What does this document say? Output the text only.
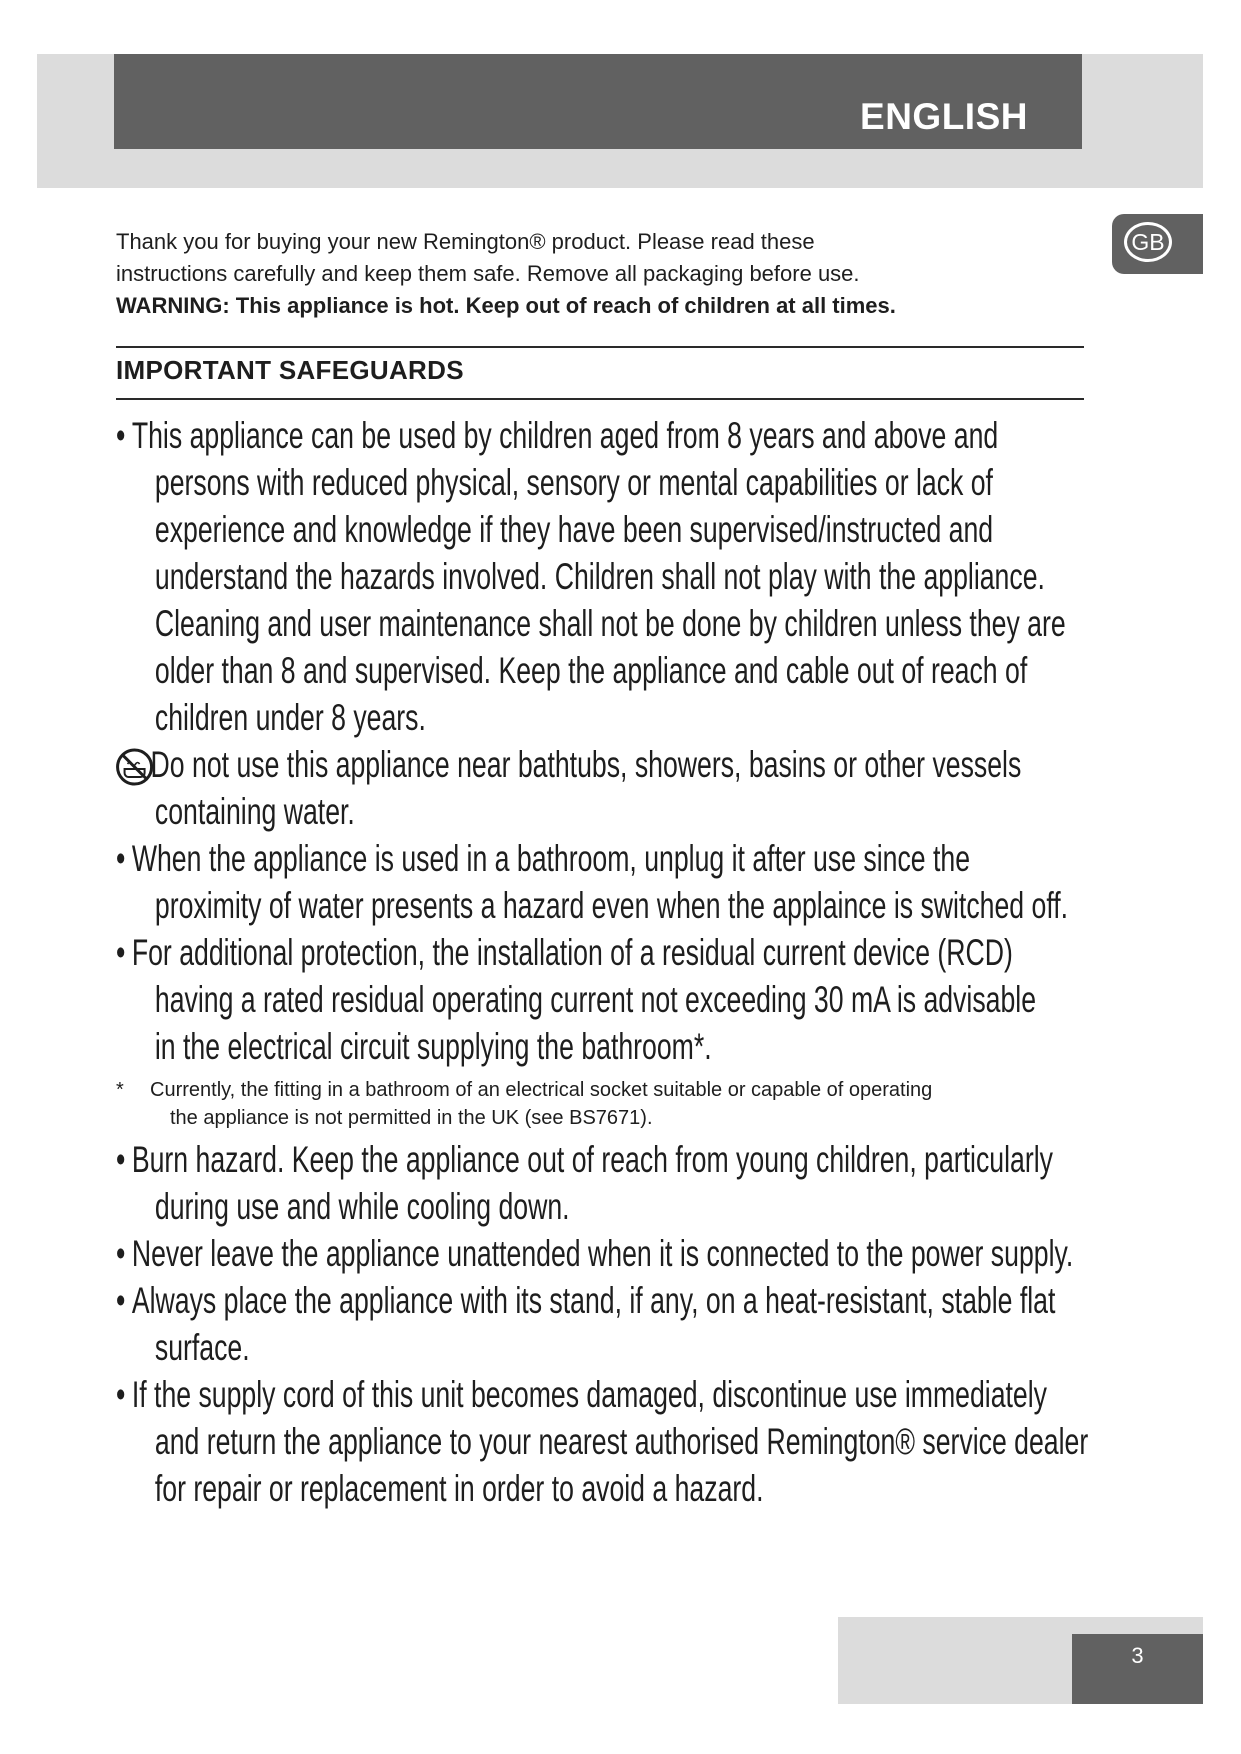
ENGLISH
GB

Thank you for buying your new Remington® product. Please read these

instructions carefully and keep them safe. Remove all packaging before use.

WARNING: This appliance is hot. Keep out of reach of children at all times.

IMPORTANT SAFEGUARDS
• This appliance can be used by children aged from 8 years and above and
persons with reduced physical, sensory or mental capabilities or lack of
experience and knowledge if they have been supervised/instructed and
understand the hazards involved. Children shall not play with the appliance.
Cleaning and user maintenance shall not be done by children unless they are
older than 8 and supervised. Keep the appliance and cable out of reach of
children under 8 years.
Do not use this appliance near bathtubs, showers, basins or other vessels
containing water.
• When the appliance is used in a bathroom, unplug it after use since the
proximity of water presents a hazard even when the applaince is switched off.
• For additional protection, the installation of a residual current device (RCD)
having a rated residual operating current not exceeding 30 mA is advisable
in the electrical circuit supplying the bathroom*.
* Currently, the fitting in a bathroom of an electrical socket suitable or capable of operating
the appliance is not permitted in the UK (see BS7671).
• Burn hazard. Keep the appliance out of reach from young children, particularly
during use and while cooling down.
• Never leave the appliance unattended when it is connected to the power supply.
• Always place the appliance with its stand, if any, on a heat-resistant, stable flat
surface.
• If the supply cord of this unit becomes damaged, discontinue use immediately
and return the appliance to your nearest authorised Remington® service dealer
for repair or replacement in order to avoid a hazard.
3
